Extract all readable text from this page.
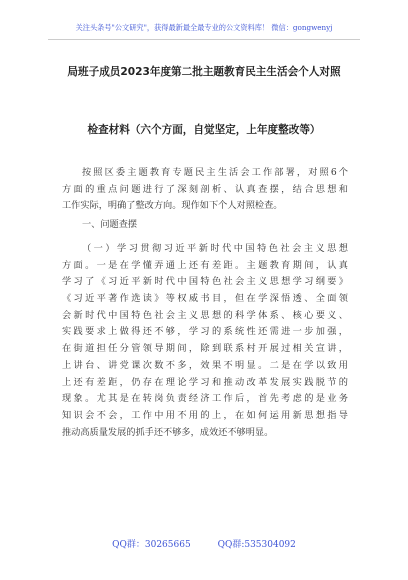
关注头条号"公文研究"，获得最新最全最专业的公文资料库！ 微信：gongwenyj
局班子成员2023年度第二批主题教育民主生活会个人对照
检查材料（六个方面，自觉坚定，上年度整改等）
按照区委主题教育专题民主生活会工作部署，对照6个
方面的重点问题进行了深刻剖析、认真查摆，结合思想和
工作实际，明确了整改方向。现作如下个人对照检查。
一、问题查摆
（一）学习贯彻习近平新时代中国特色社会主义思想
方面。一是在学懂弄通上还有差距。主题教育期间，认真
学习了《习近平新时代中国特色社会主义思想学习纲要》
《习近平著作选读》等权威书目，但在学深悟透、全面领
会新时代中国特色社会主义思想的科学体系、核心要义、
实践要求上做得还不够，学习的系统性还需进一步加强，
在街道担任分管领导期间，除到联系村开展过相关宣讲，
上讲台、讲党课次数不多，效果不明显。二是在学以致用
上还有差距，仍存在理论学习和推动改革发展实践脱节的
现象。尤其是在转岗负责经济工作后，首先考虑的是业务
知识会不会，工作中用不用的上，在如何运用新思想指导
推动高质量发展的抓手还不够多，成效还不够明显。
QQ群：30265665	QQ群:535304092
